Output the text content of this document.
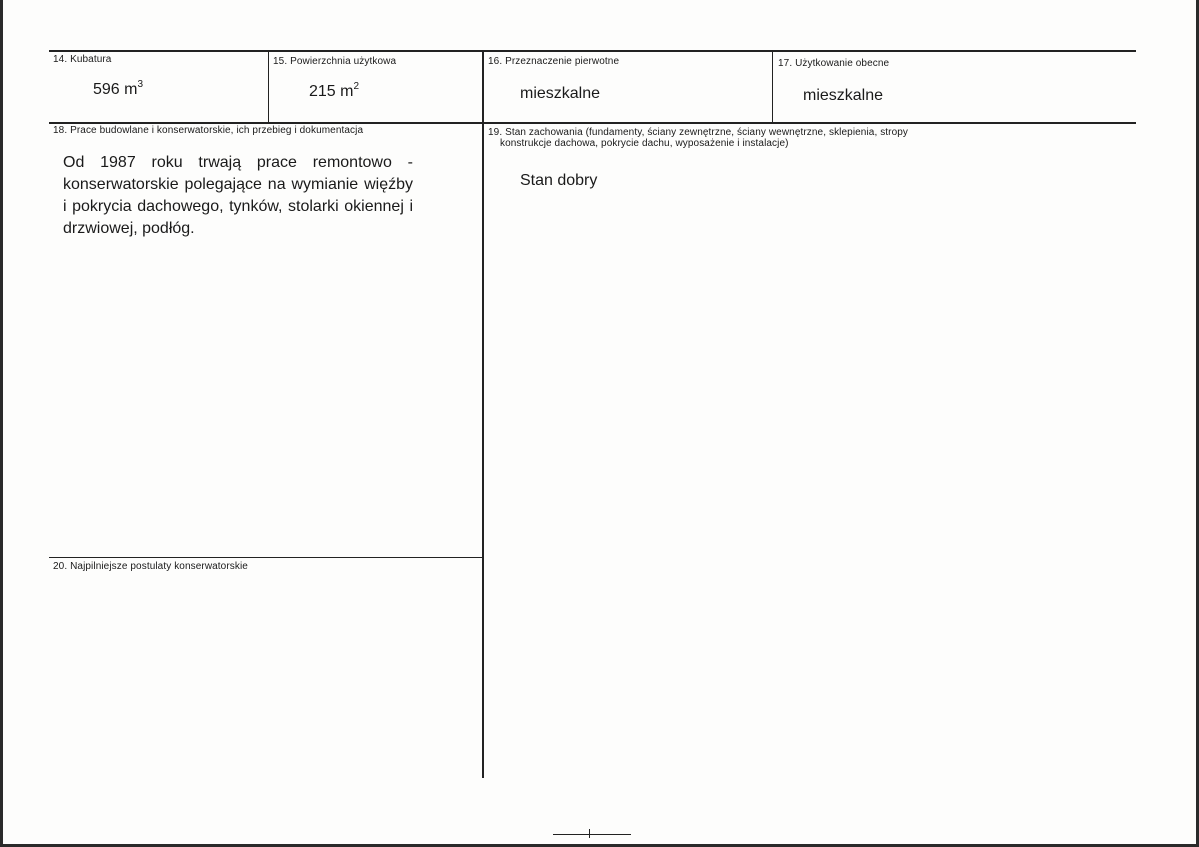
14. Kubatura
596 $m^3$
15. Powierzchnia użytkowa
215 $m^2$
16. Przeznaczenie pierwotne
mieszkalne
17. Użytkowanie obecne
mieszkalne
18. Prace budowlane i konserwatorskie, ich przebieg i dokumentacja
Od 1987 roku trwają prace remontowo - konserwatorskie polegające na wymianie więźby i pokrycia dachowego, tynków, stolarki okiennej i drzwiowej, podłóg.
19. Stan zachowania (fundamenty, ściany zewnętrzne, ściany wewnętrzne, sklepienia, stropy
konstrukcje dachowa, pokrycie dachu, wyposażenie i instalacje)
Stan dobry
20. Najpilniejsze postulaty konserwatorskie
